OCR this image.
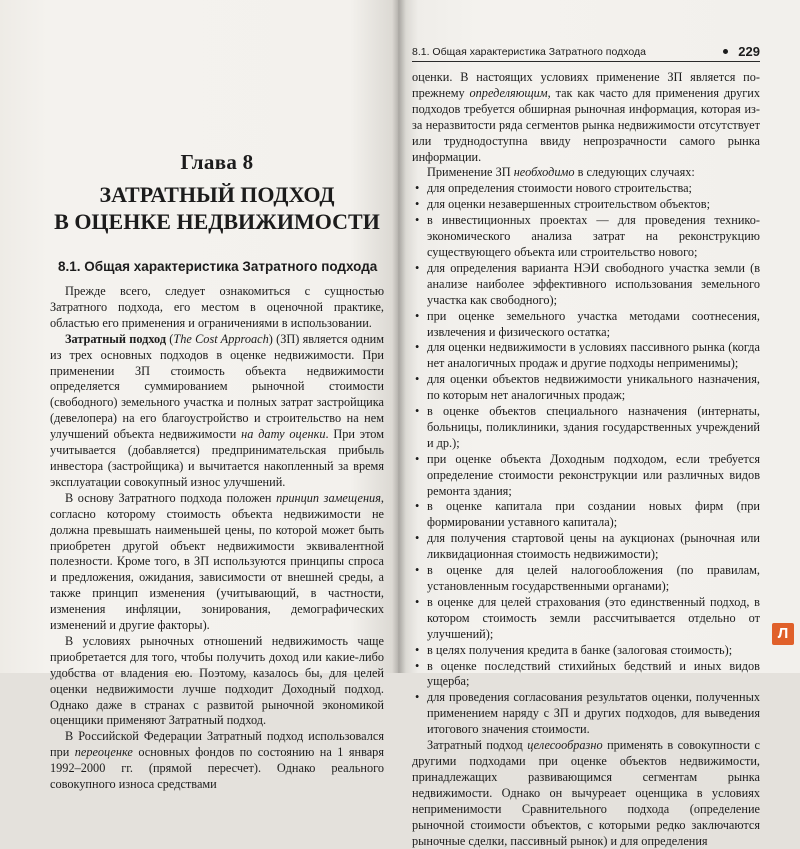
Глава 8
ЗАТРАТНЫЙ ПОДХОД
В ОЦЕНКЕ НЕДВИЖИМОСТИ
8.1. Общая характеристика Затратного подхода

Прежде всего, следует ознакомиться с сущностью Затратного подхода, его местом в оценочной практике, областью его применения и ограничениями в использовании.

Затратный подход (The Cost Approach) (ЗП) является одним из трех основных подходов в оценке недвижимости. При применении ЗП стоимость объекта недвижимости определяется суммированием рыночной стоимости (свободного) земельного участка и полных затрат застройщика (девелопера) на его благоустройство и строительство на нем улучшений объекта недвижимости на дату оценки. При этом учитывается (добавляется) предпринимательская прибыль инвестора (застройщика) и вычитается накопленный за время эксплуатации совокупный износ улучшений.

В основу Затратного подхода положен принцип замещения, согласно которому стоимость объекта недвижимости не должна превышать наименьшей цены, по которой может быть приобретен другой объект недвижимости эквивалентной полезности. Кроме того, в ЗП используются принципы спроса и предложения, ожидания, зависимости от внешней среды, а также принцип изменения (учитывающий, в частности, изменения инфляции, зонирования, демографических изменений и другие факторы).

В условиях рыночных отношений недвижимость чаще приобретается для того, чтобы получить доход или какие-либо удобства от владения ею. Поэтому, казалось бы, для целей оценки недвижимости лучше подходит Доходный подход. Однако даже в странах с развитой рыночной экономикой оценщики применяют Затратный подход.

В Российской Федерации Затратный подход использовался при переоценке основных фондов по состоянию на 1 января 1992–2000 гг. (прямой пересчет). Однако реального совокупного износа средствами

8.1. Общая характеристика Затратного подхода	229

оценки. В настоящих условиях применение ЗП является по-прежнему определяющим, так как часто для применения других подходов требуется обширная рыночная информация, которая из-за неразвитости ряда сегментов рынка недвижимости отсутствует или труднодоступна ввиду непрозрачности самого рынка информации.

Применение ЗП необходимо в следующих случаях:

• для определения стоимости нового строительства;
• для оценки незавершенных строительством объектов;
• в инвестиционных проектах — для проведения технико-экономического анализа затрат на реконструкцию существующего объекта или строительство нового;
• для определения варианта НЭИ свободного участка земли (в анализе наиболее эффективного использования земельного участка как свободного);
• при оценке земельного участка методами соотнесения, извлечения и физического остатка;
• для оценки недвижимости в условиях пассивного рынка (когда нет аналогичных продаж и другие подходы неприменимы);
• для оценки объектов недвижимости уникального назначения, по которым нет аналогичных продаж;
• в оценке объектов специального назначения (интернаты, больницы, поликлиники, здания государственных учреждений и др.);
• при оценке объекта Доходным подходом, если требуется определение стоимости реконструкции или различных видов ремонта здания;
• в оценке капитала при создании новых фирм (при формировании уставного капитала);
• для получения стартовой цены на аукционах (рыночная или ликвидационная стоимость недвижимости);
• в оценке для целей налогообложения (по правилам, установленным государственными органами);
• в оценке для целей страхования (это единственный подход, в котором стоимость земли рассчитывается отдельно от улучшений);
• в целях получения кредита в банке (залоговая стоимость);
• в оценке последствий стихийных бедствий и иных видов ущерба;
• для проведения согласования результатов оценки, полученных применением наряду с ЗП и других подходов, для выведения итогового значения стоимости.

Затратный подход целесообразно применять в совокупности с другими подходами при оценке объектов недвижимости, принадлежащих развивающимся сегментам рынка недвижимости. Однако он вычуреает оценщика в условиях неприменимости Сравнительного подхода (определение рыночной стоимости объектов, с которыми редко заключаются рыночные сделки, пассивный рынок) и для определения

Л
